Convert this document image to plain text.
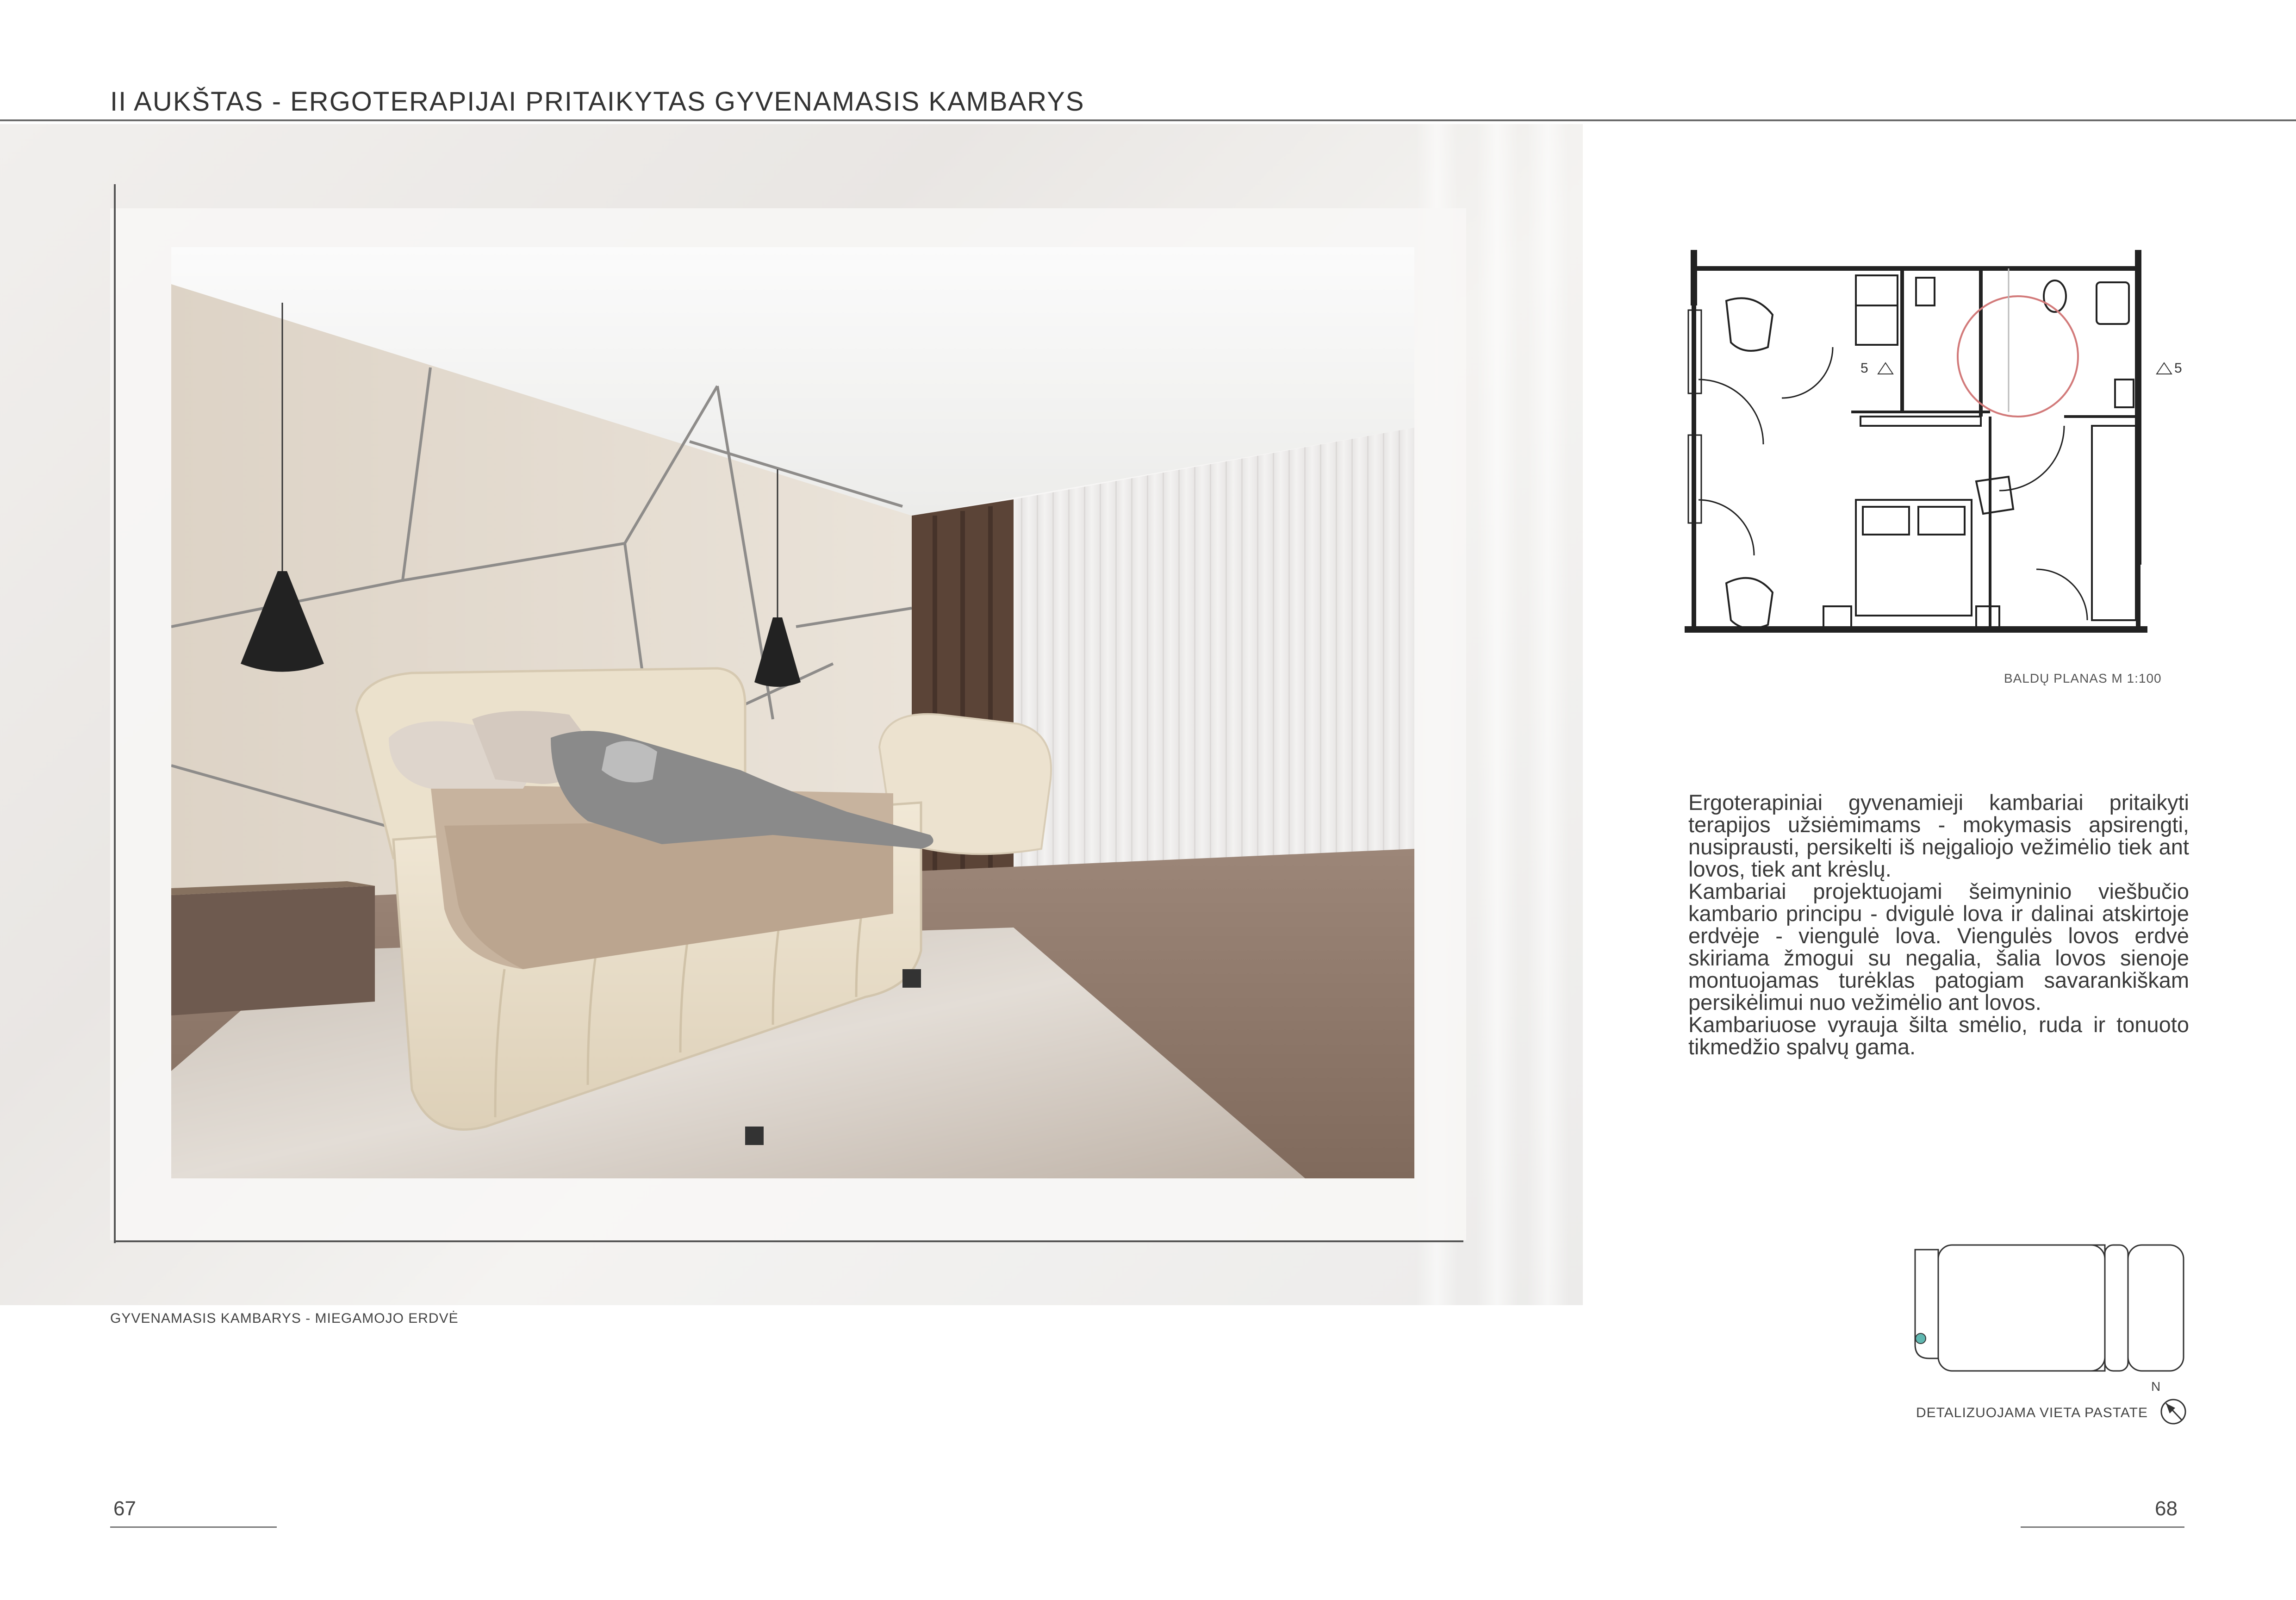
II AUKŠTAS - ERGOTERAPIJAI PRITAIKYTAS GYVENAMASIS KAMBARYS
GYVENAMASIS KAMBARYS - MIEGAMOJO ERDVĖ
5	5
BALDŲ PLANAS M 1:100

Ergoterapiniai gyvenamieji kambariai pritaikyti terapijos užsiėmimams - mokymasis apsirengti, nusiprausti, persikelti iš neįgaliojo vežimėlio tiek ant lovos, tiek ant krėslų.

Kambariai projektuojami šeimyninio viešbučio kambario principu - dvigulė lova ir dalinai atskirtoje erdvėje - viengulė lova. Viengulės lovos erdvė skiriama žmogui su negalia, šalia lovos sienoje montuojamas turėklas patogiam savarankiškam persikėlimui nuo vežimėlio ant lovos.

Kambariuose vyrauja šilta smėlio, ruda ir tonuoto tikmedžio spalvų gama.

N
DETALIZUOJAMA VIETA PASTATE
67	68
